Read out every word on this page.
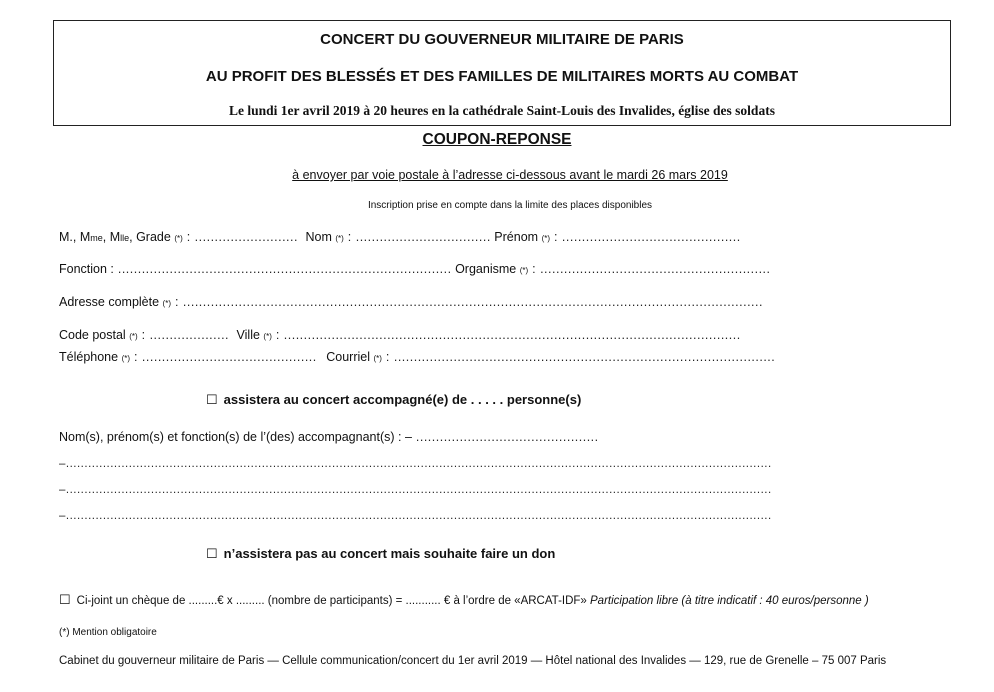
CONCERT DU GOUVERNEUR MILITAIRE DE PARIS
AU PROFIT DES BLESSÉS ET DES FAMILLES DE MILITAIRES MORTS AU COMBAT
Le lundi 1er avril 2019 à 20 heures en la cathédrale Saint-Louis des Invalides, église des soldats
COUPON-REPONSE
à envoyer par voie postale à l’adresse ci-dessous avant le mardi 26 mars 2019
Inscription prise en compte dans la limite des places disponibles
M., Mme, Mlle, Grade (*) : .......................... Nom (*) : .................................. Prénom (*) : .............................................
Fonction : .................................................................................... Organisme (*) : ..........................................................
Adresse complète (*) : ..................................................................................................................................................
Code postal (*) : .................... Ville (*) : ...................................................................................................................
Téléphone (*) : ............................................ Courriel (*) : ................................................................................................
☐ assistera au concert accompagné(e) de . . . . . personne(s)
Nom(s), prénom(s) et fonction(s) de l’(des) accompagnant(s) : – ..............................................
–...............................................................................................................................................................................................
–...............................................................................................................................................................................................
–...............................................................................................................................................................................................
☐ n’assistera pas au concert mais souhaite faire un don
☐ Ci-joint un chèque de .........€ x ......... (nombre de participants) = ........... € à l’ordre de «ARCAT-IDF» Participation libre (à titre indicatif : 40 euros/personne )
(*) Mention obligatoire
Cabinet du gouverneur militaire de Paris — Cellule communication/concert du 1er avril 2019 — Hôtel national des Invalides — 129, rue de Grenelle – 75 007 Paris
